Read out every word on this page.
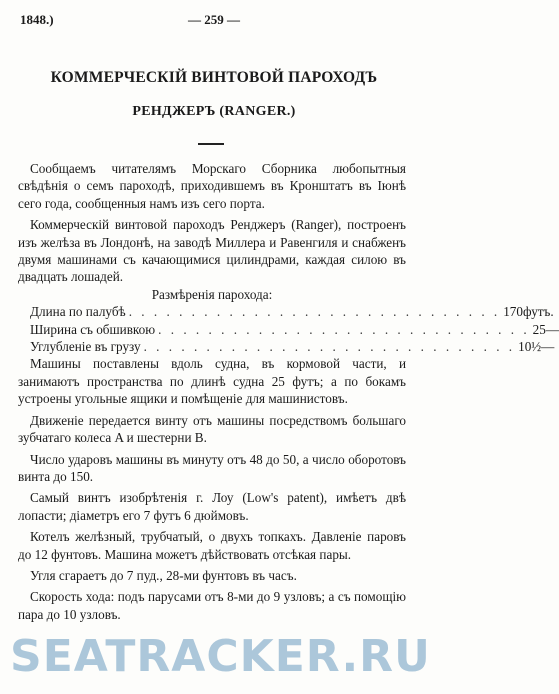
1848.)	— 259 —
КОММЕРЧЕСКІЙ ВИНТОВОЙ ПАРОХОДЪ
РЕНДЖЕРЪ (RANGER.)

Сообщаемъ читателямъ Морскаго Сборника любопытныя свѣдѣнія о семъ пароходѣ, приходившемъ въ Кронштатъ въ Іюнѣ сего года, сообщенныя намъ изъ сего порта.

Коммерческій винтовой пароходъ Ренджеръ (Ranger), построенъ изъ желѣза въ Лондонѣ, на заводѣ Миллера и Равенгиля и снабженъ двумя машинами съ качающимися цилиндрами, каждая силою въ двадцать лошадей.

Размѣренія парохода:

Длина по палубѣ . . . . . . . . . . . . . . . . . . . . . . . . . . . . . . 170 футъ.
Ширина съ обшивкою . . . . . . . . . . . . . . . . . . . . . . . . . . . . . . 25 —
Углубленіе въ грузу . . . . . . . . . . . . . . . . . . . . . . . . . . . . . . 10½ —

Машины поставлены вдоль судна, въ кормовой части, и занимаютъ пространства по длинѣ судна 25 футъ; а по бокамъ устроены угольные ящики и помѣщеніе для машинистовъ.

Движеніе передается винту отъ машины посредствомъ большаго зубчатаго колеса A и шестерни B.

Число ударовъ машины въ минуту отъ 48 до 50, а число оборотовъ винта до 150.

Самый винтъ изобрѣтенія г. Лоу (Low's patent), имѣетъ двѣ лопасти; діаметръ его 7 футъ 6 дюймовъ.

Котелъ желѣзный, трубчатый, о двухъ топкахъ. Давленіе паровъ до 12 фунтовъ. Машина можетъ дѣйствовать отсѣкая пары.

Угля сгараетъ до 7 пуд., 28-ми фунтовъ въ часъ.

Скорость хода: подъ парусами отъ 8-ми до 9 узловъ; а съ помощію пара до 10 узловъ.

SEATRACKER.RU
